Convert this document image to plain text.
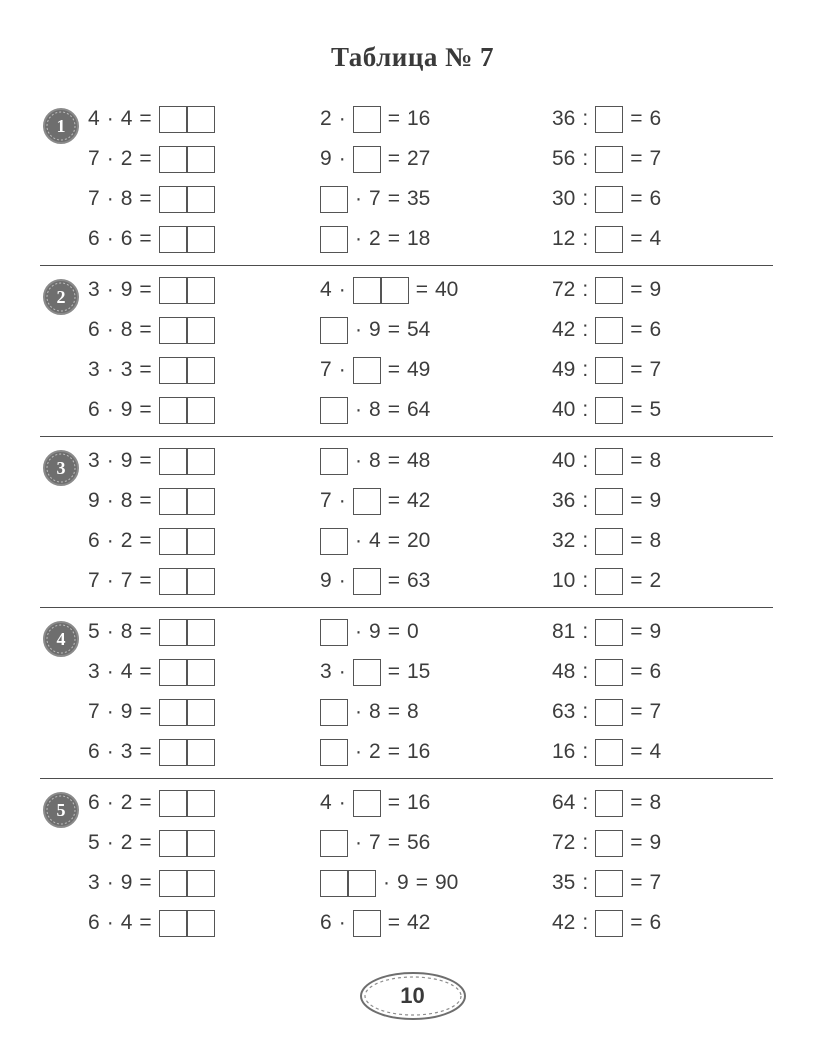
Таблица № 7
1 4 · 4 =
7 · 2 =
7 · 8 =
6 · 6 =
2 · = 16
9 · = 27
· 7 = 35
· 2 = 18
36 : = 6
56 : = 7
30 : = 6
12 : = 4
2 3 · 9 =
6 · 8 =
3 · 3 =
6 · 9 =
4 ·	= 40
· 9 = 54
7 · = 49
· 8 = 64
72 : = 9
42 : = 6
49 : = 7
40 : = 5
3 3 · 9 =
9 · 8 =
6 · 2 =
7 · 7 =
· 8 = 48
7 · = 42
· 4 = 20
9 · = 63
40 : = 8
36 : = 9
32 : = 8
10 : = 2
4 5 · 8 =
3 · 4 =
7 · 9 =
6 · 3 =
· 9 = 0
3 · = 15
· 8 = 8
· 2 = 16
81 : = 9
48 : = 6
63 : = 7
16 : = 4
5 6 · 2 =
5 · 2 =
3 · 9 =
6 · 4 =
4 · = 16
· 7 = 56
· 9 = 90
6 · = 42
64 : = 8
72 : = 9
35 : = 7
42 : = 6
10
